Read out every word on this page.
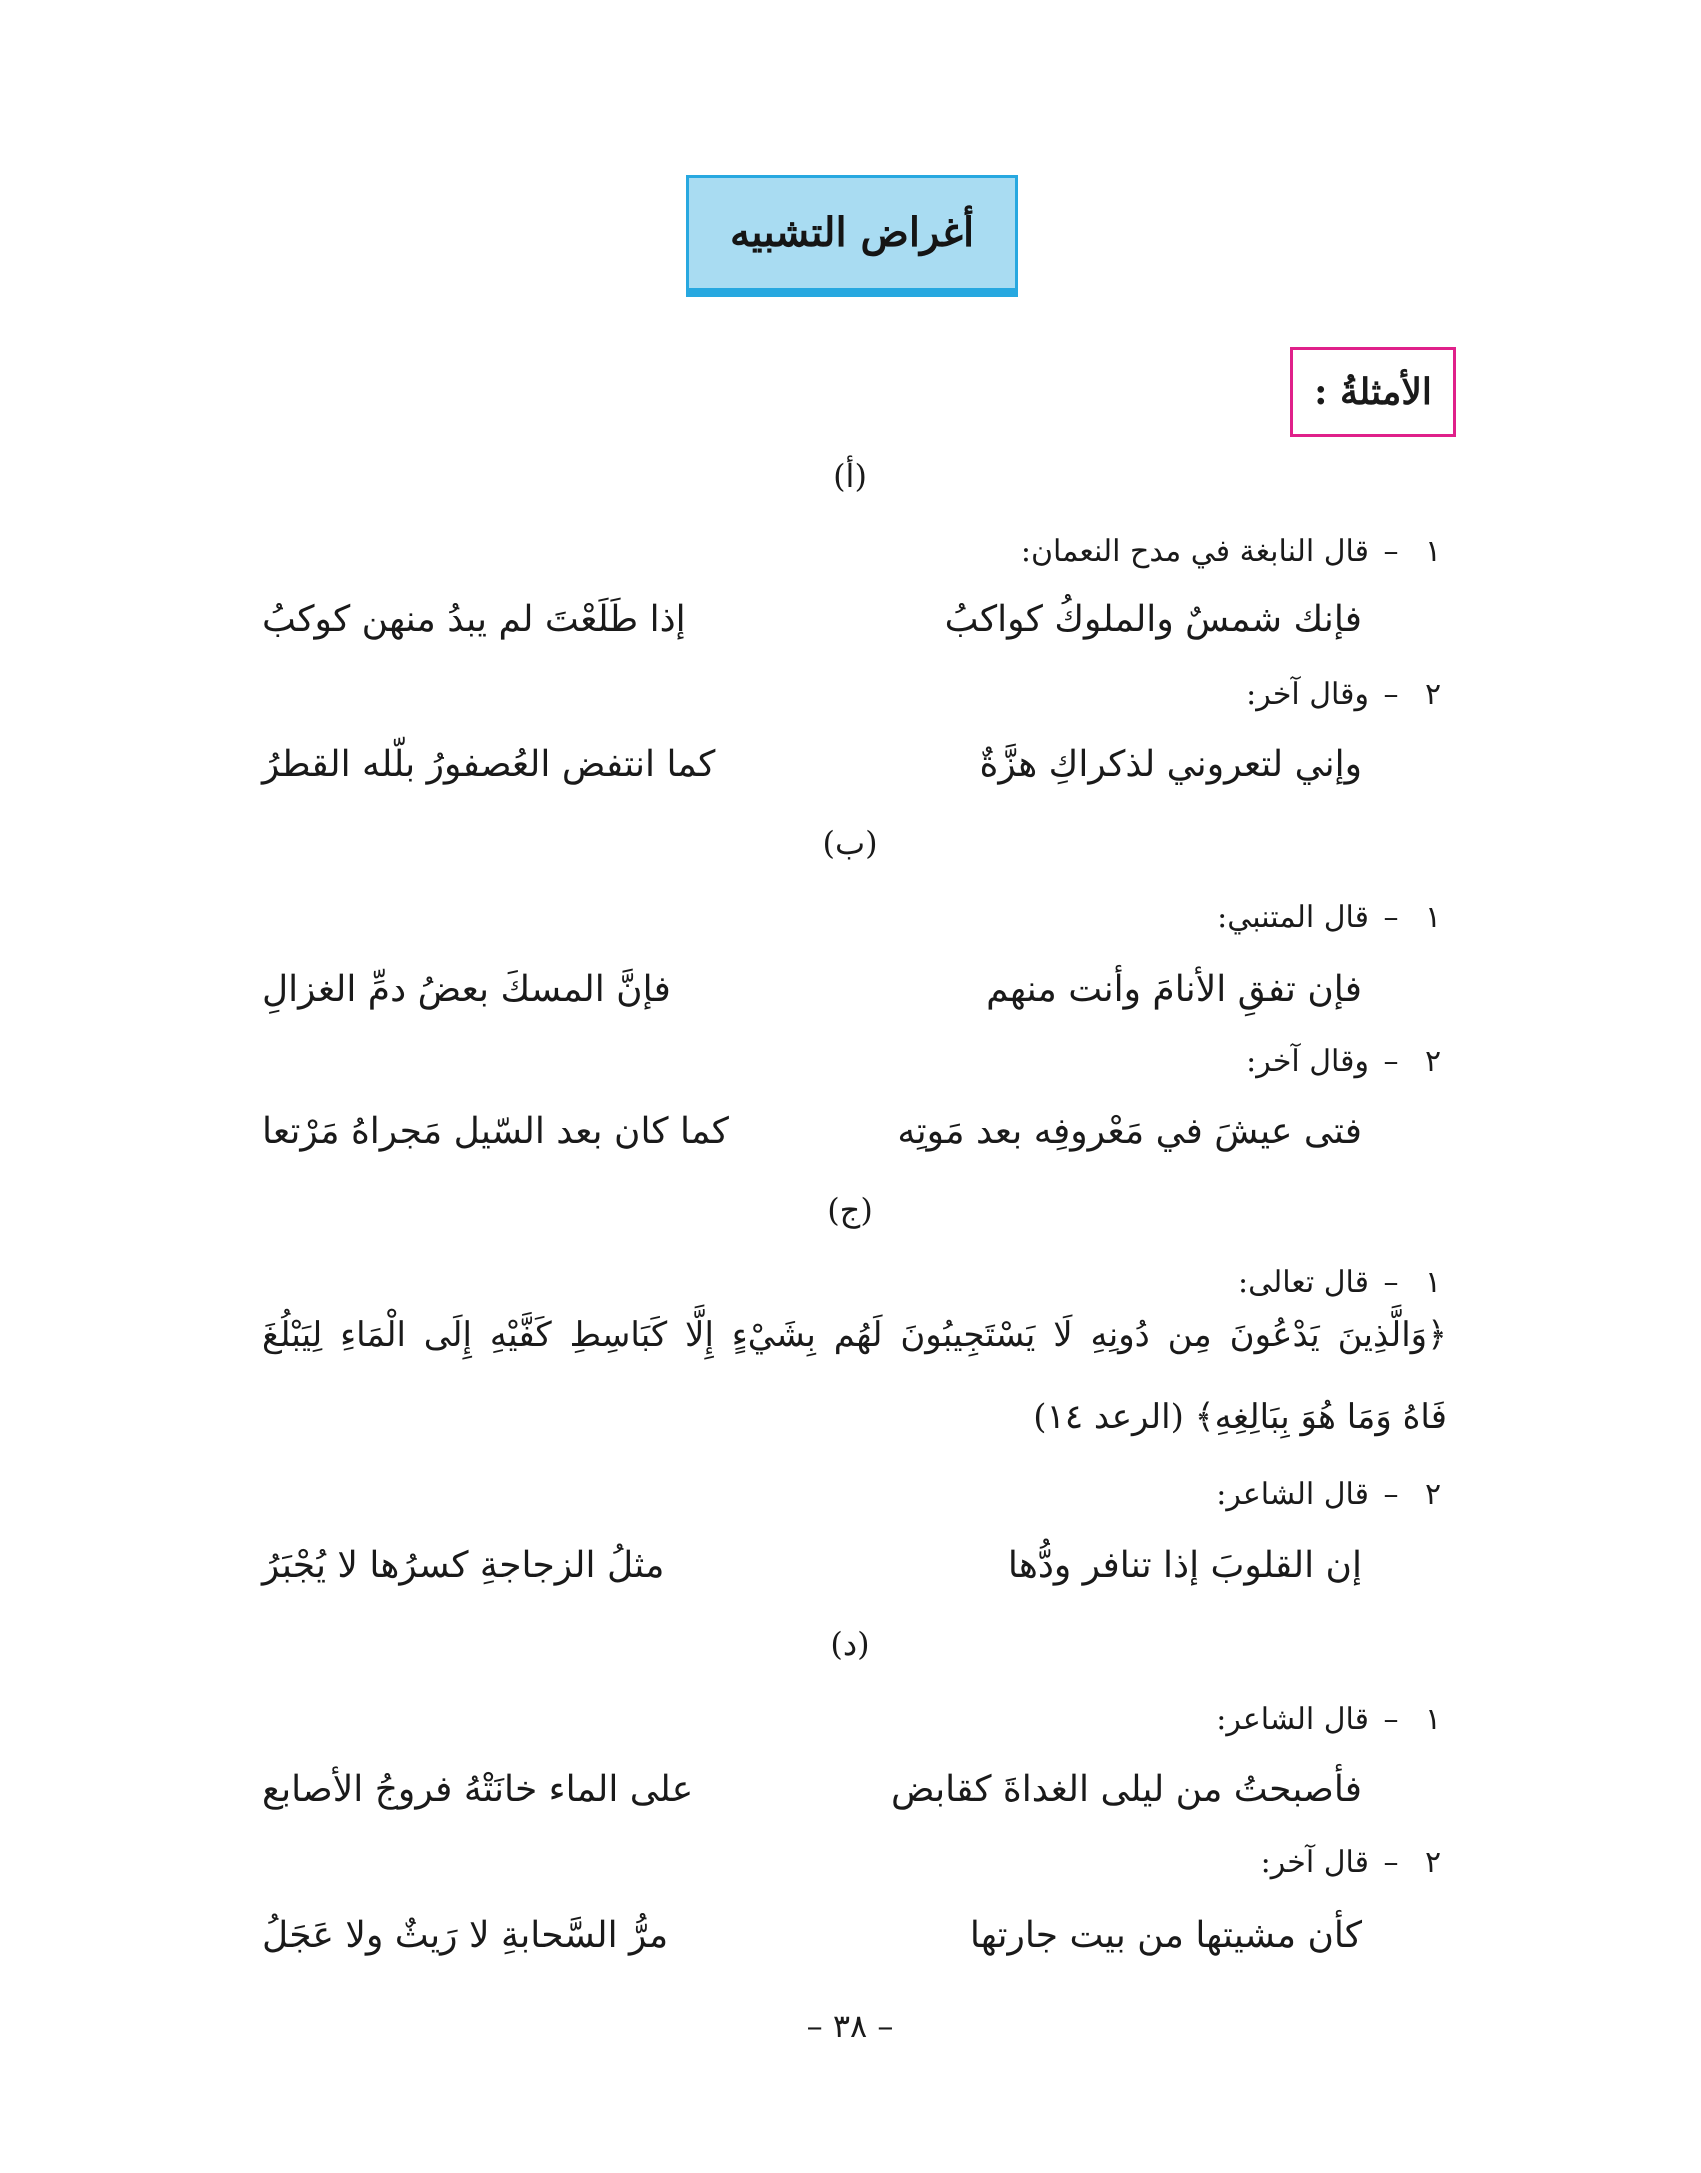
أغراض التشبيه
الأمثلةُ :
(أ)
١
–
قال النابغة في مدح النعمان:
فإنك شمسٌ والملوكُ كواكبُ
إذا طَلَعْتَ لم يبدُ منهن كوكبُ
٢
–
وقال آخر:
وإني لتعروني لذكراكِ هزَّةٌ
كما انتفض العُصفورُ بلّله القطرُ
(ب)
١
–
قال المتنبي:
فإن تفقِ الأنامَ وأنت منهم
فإنَّ المسكَ بعضُ دمِّ الغزالِ
٢
–
وقال آخر:
فتى عيشَ في مَعْروفِه بعد مَوتِه
كما كان بعد السّيل مَجراهُ مَرْتعا
(ج)
١
–
قال تعالى:
﴿وَالَّذِينَ يَدْعُونَ مِن دُونِهِ لَا يَسْتَجِيبُونَ لَهُم بِشَيْءٍ إِلَّا كَبَاسِطِ كَفَّيْهِ إِلَى الْمَاءِ لِيَبْلُغَ
فَاهُ وَمَا هُوَ بِبَالِغِهِ﴾ (الرعد ١٤)
٢
–
قال الشاعر:
إن القلوبَ إذا تنافر ودُّها
مثلُ الزجاجةِ كسرُها لا يُجْبَرُ
(د)
١
–
قال الشاعر:
فأصبحتُ من ليلى الغداةَ كقابض
على الماء خانَتْهُ فروجُ الأصابع
٢
–
قال آخر:
كأن مشيتها من بيت جارتها
مرُّ السَّحابةِ لا رَيثٌ ولا عَجَلُ
– ٣٨ –
